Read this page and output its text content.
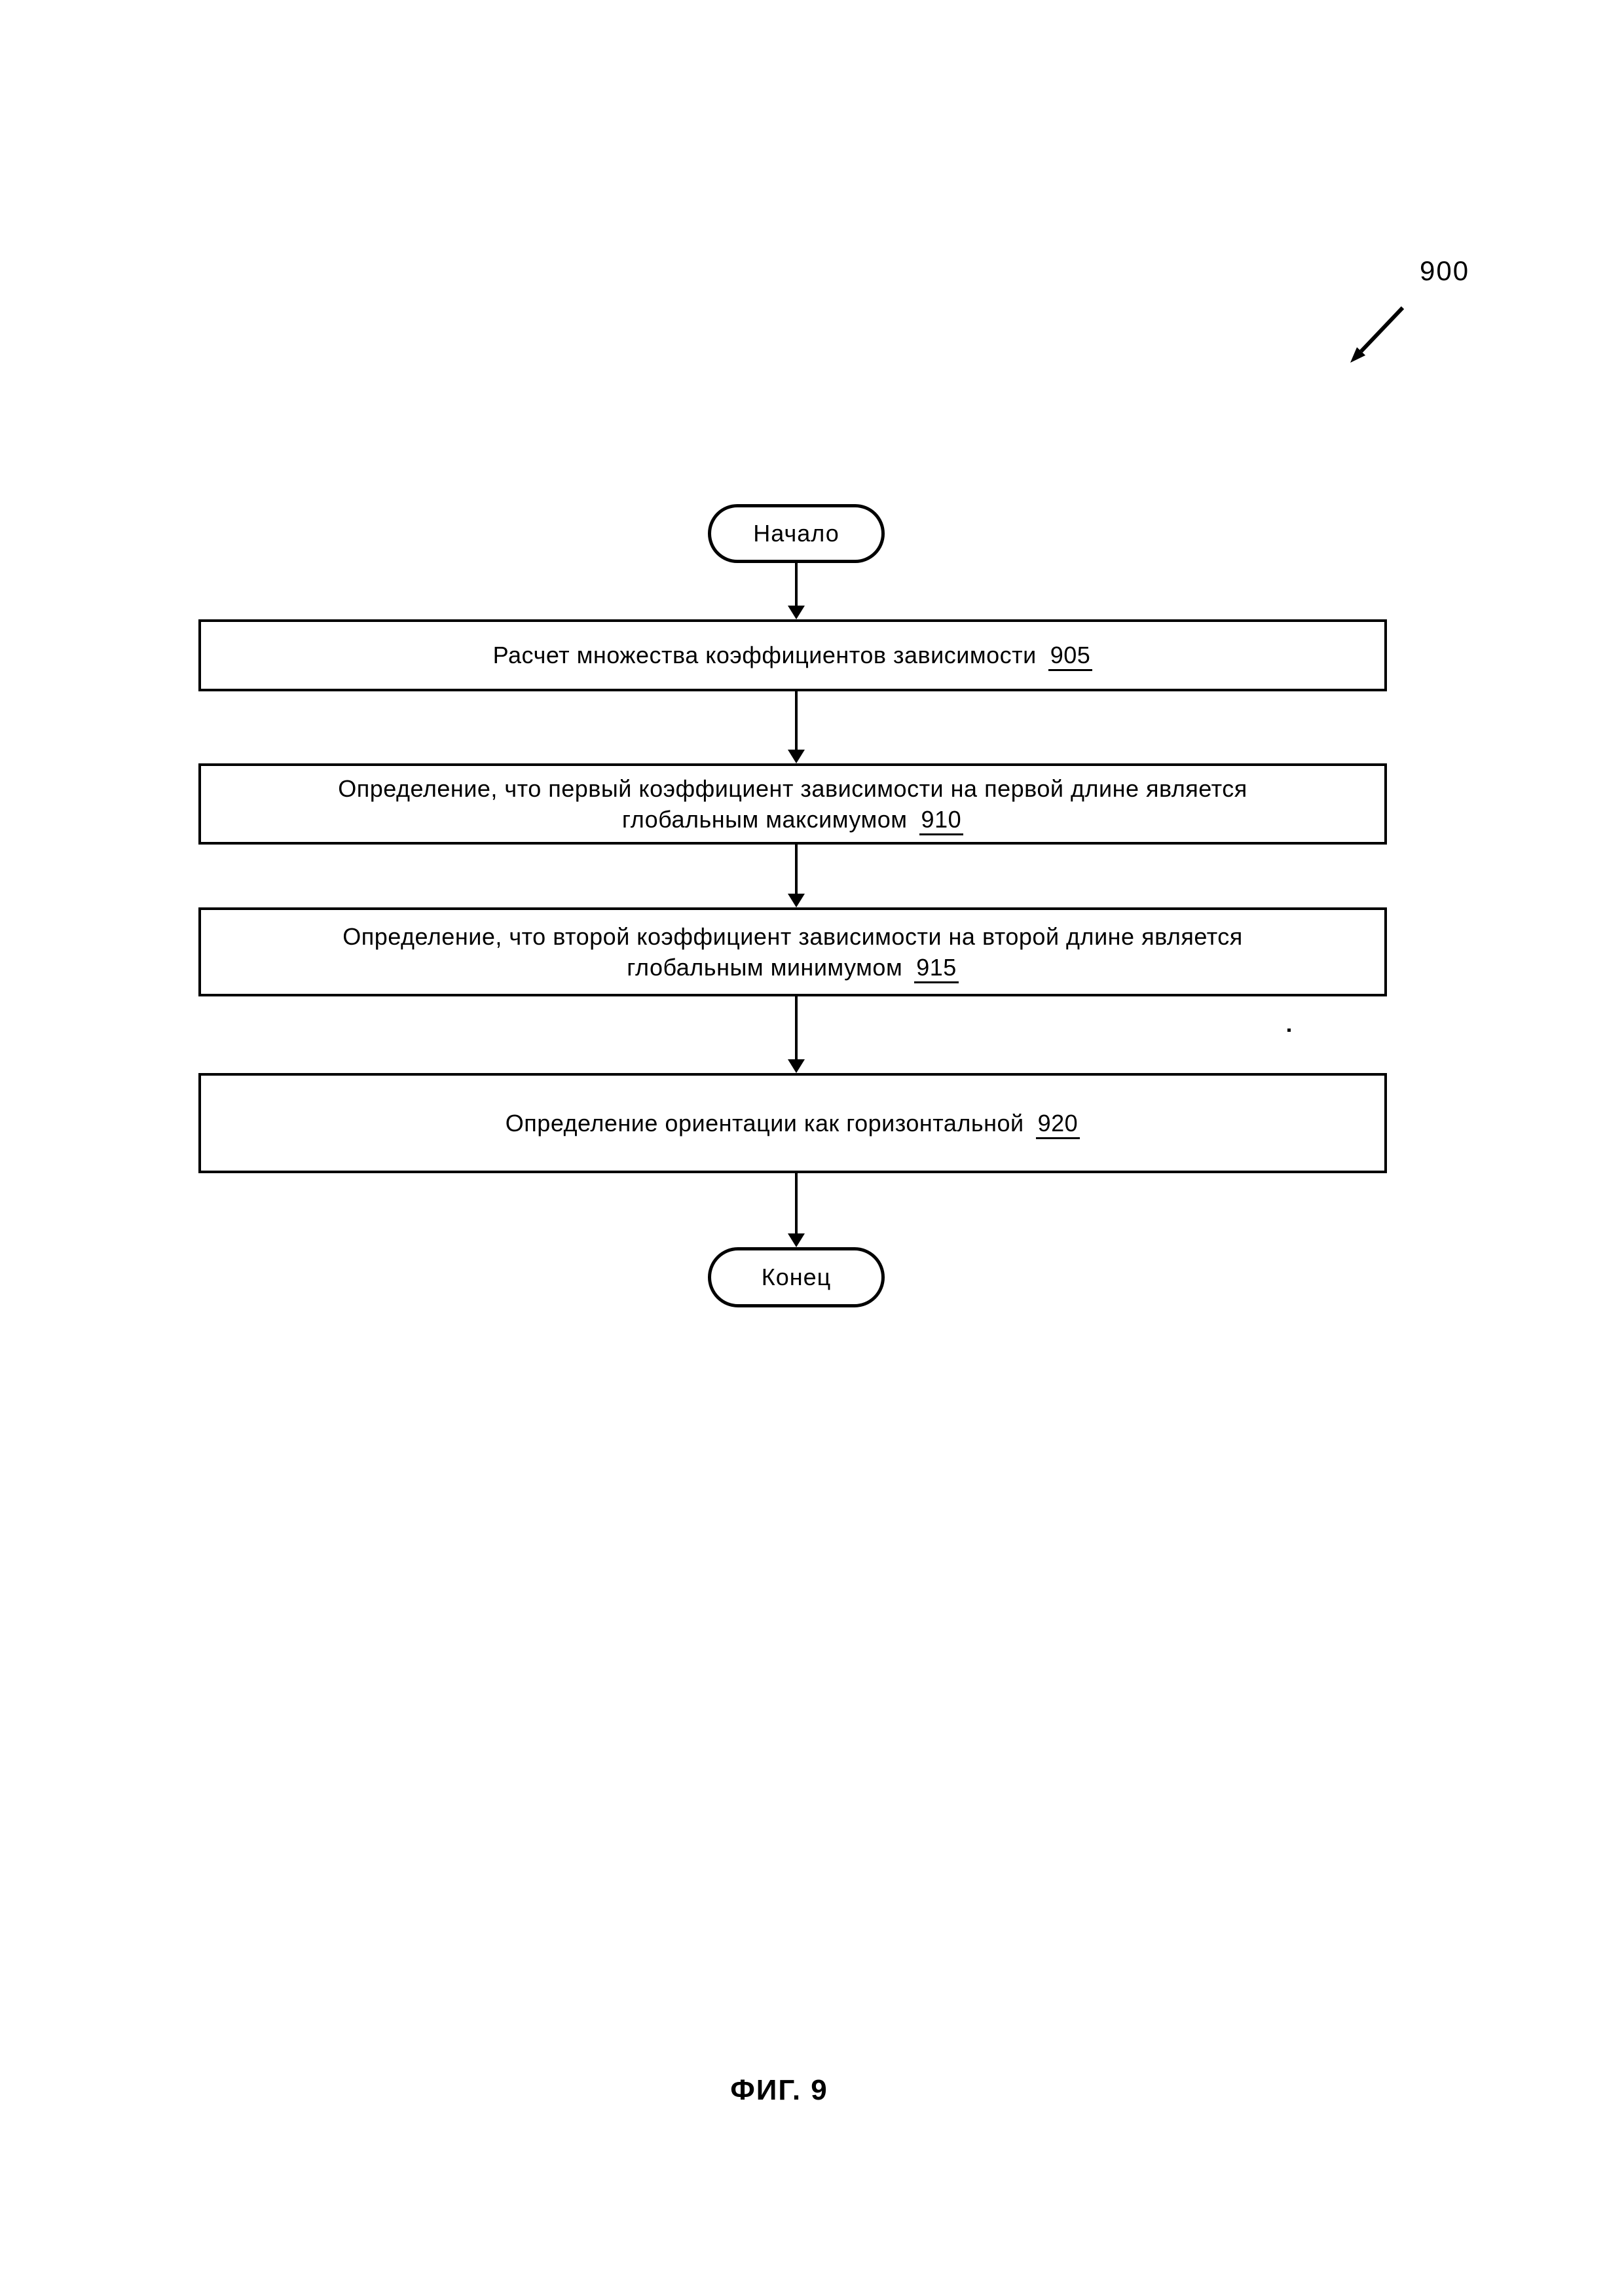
900
Начало
Расчет множества коэффициентов зависимости 905
Определение, что первый коэффициент зависимости на первой длине является
глобальным максимумом 910
Определение, что второй коэффициент зависимости на второй длине является
глобальным минимумом 915
Определение ориентации как горизонтальной 920
Конец
ФИГ. 9
